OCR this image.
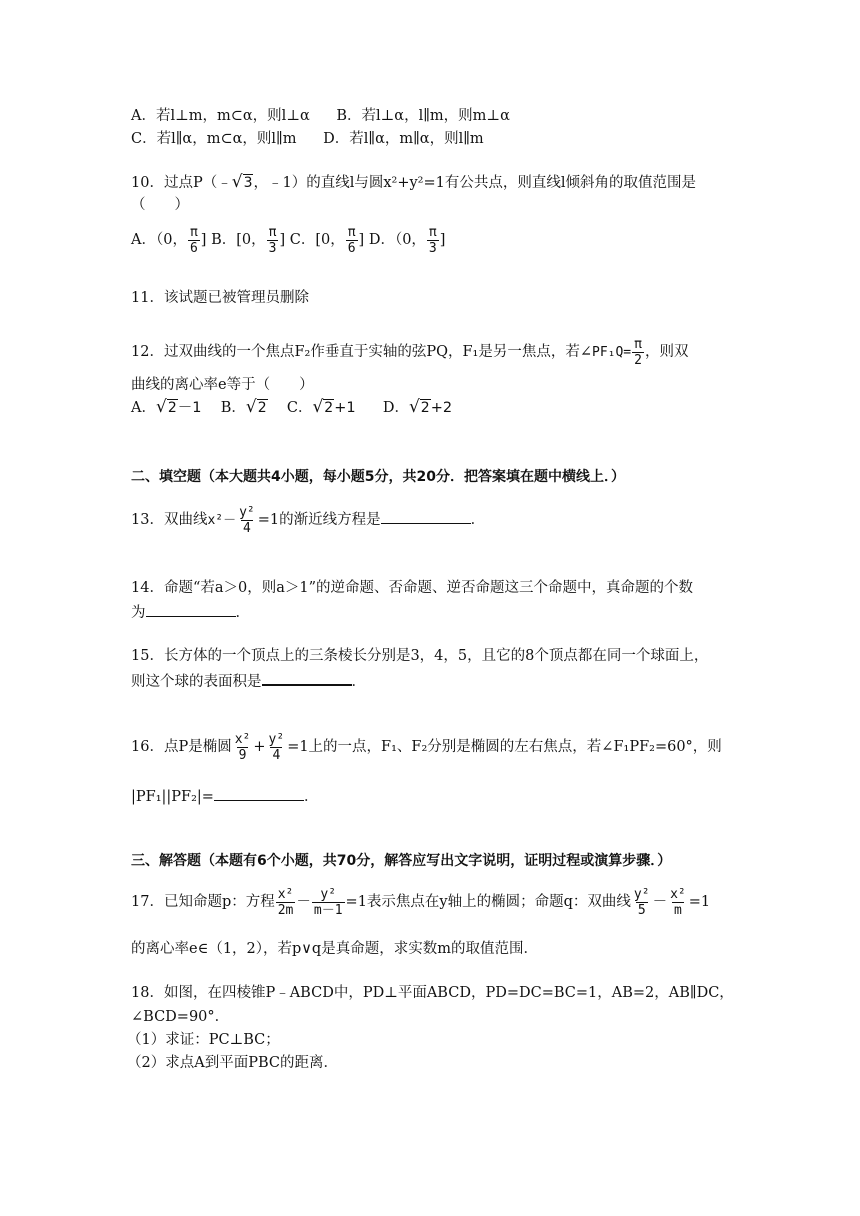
A．若l⊥m，m⊂α，则l⊥α B．若l⊥α，l∥m，则m⊥α
C．若l∥α，m⊂α，则l∥m D．若l∥α，m∥α，则l∥m
10．过点P（﹣ √ 3 ，﹣1）的直线l与圆x²+y²=1有公共点，则直线l倾斜角的取值范围是
（　　）
A．（0， $\frac{\pi}{6}$ ] B．[0， $\frac{\pi}{3}$ ] C．[0， $\frac{\pi}{6}$ ] D．（0， $\frac{\pi}{3}$ ]
11．该试题已被管理员删除
12．过双曲线的一个焦点F₂作垂直于实轴的弦PQ，F₁是另一焦点，若∠PF₁Q= $\frac{\pi}{2}$ ，则双
曲线的离心率e等于（　　）
A． √ 2 －1 B． √ 2 C． √ 2 +1 D． √ 2 +2
二、填空题（本大题共4小题，每小题5分，共20分．把答案填在题中横线上．）
13．双曲线$x^2- \frac{\text{y²}}{4} =1$的渐近线方程是	．
14．命题“若a＞0，则a＞1”的逆命题、否命题、逆否命题这三个命题中，真命题的个数
为	．
15．长方体的一个顶点上的三条棱长分别是3，4，5，且它的8个顶点都在同一个球面上，
则这个球的表面积是	．
16．点P是椭圆 $\frac{\text{x²}}{9} + \frac{\text{y²}}{4} =1$上的一点，F₁、F₂分别是椭圆的左右焦点，若∠F₁PF₂=60°，则
|PF₁||PF₂|=	．
三、解答题（本题有6个小题，共70分，解答应写出文字说明，证明过程或演算步骤．）
17．已知命题p：方程 $\frac{\text{x²}}{2m} - \frac{\text{y²}}{m-1} =1$表示焦点在y轴上的椭圆；命题q：双曲线 $\frac{\text{y²}}{5} - \frac{\text{x²}}{m} =1$
的离心率e∈（1，2），若p∨q是真命题，求实数m的取值范围．
18．如图，在四棱锥P﹣ABCD中，PD⊥平面ABCD，PD=DC=BC=1，AB=2，AB∥DC，
∠BCD=90°．
（1）求证：PC⊥BC；
（2）求点A到平面PBC的距离．
